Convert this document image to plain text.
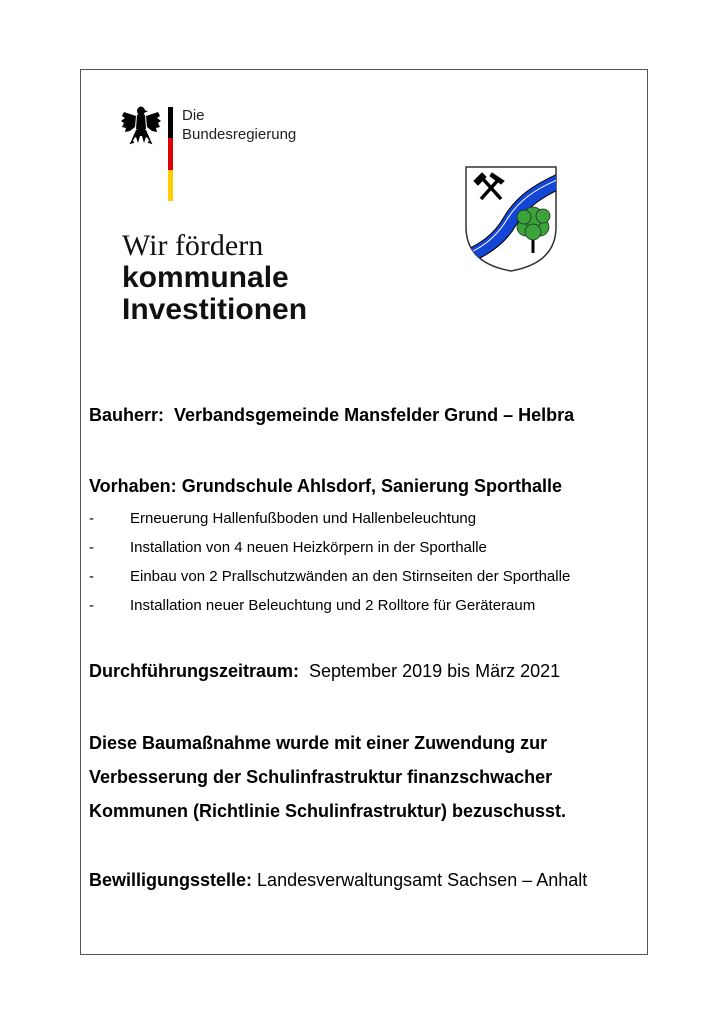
Die
Bundesregierung
Wir fördern
kommunale
Investitionen
Bauherr: Verbandsgemeinde Mansfelder Grund – Helbra
Vorhaben: Grundschule Ahlsdorf, Sanierung Sporthalle
- Erneuerung Hallenfußboden und Hallenbeleuchtung
- Installation von 4 neuen Heizkörpern in der Sporthalle
- Einbau von 2 Prallschutzwänden an den Stirnseiten der Sporthalle
- Installation neuer Beleuchtung und 2 Rolltore für Geräteraum
Durchführungszeitraum: September 2019 bis März 2021
Diese Baumaßnahme wurde mit einer Zuwendung zur
Verbesserung der Schulinfrastruktur finanzschwacher
Kommunen (Richtlinie Schulinfrastruktur) bezuschusst.
Bewilligungsstelle: Landesverwaltungsamt Sachsen – Anhalt
